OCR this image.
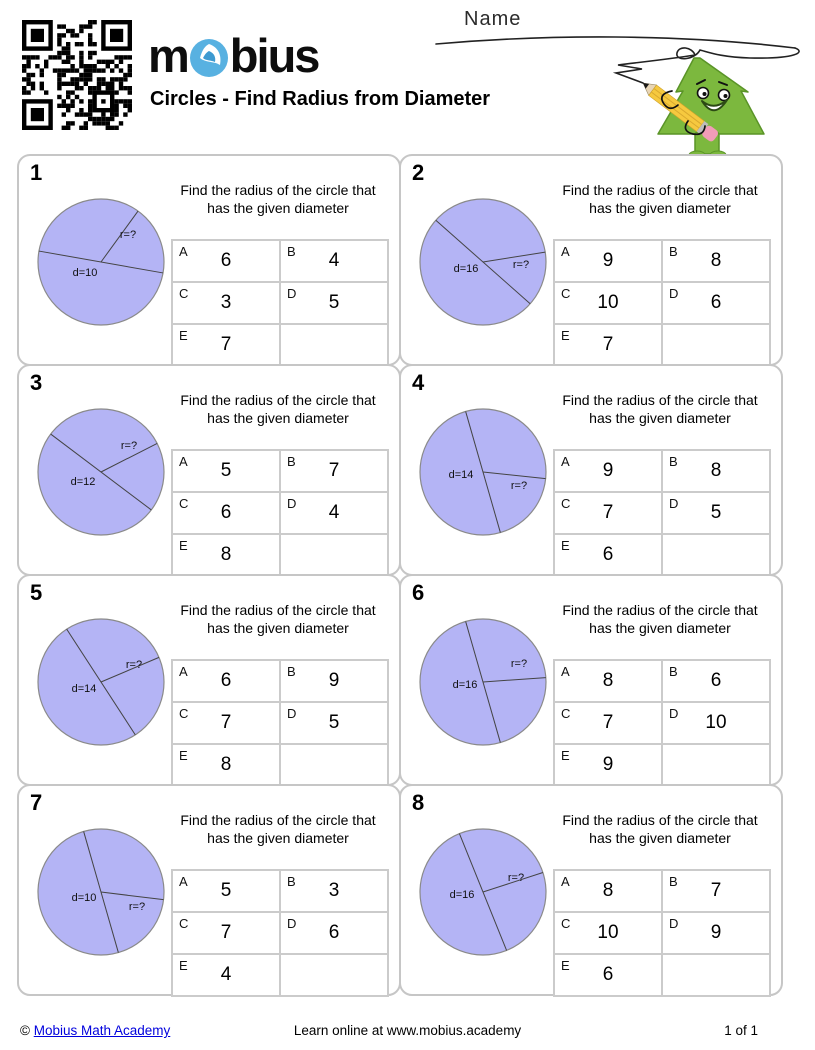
m bius
Circles - Find Radius from Diameter
Name
1
d=10
r=?
Find the radius of the circle that has the given diameter
A	6	B	4
C	3	D	5
E	7
2
d=16	r=?
Find the radius of the circle that has the given diameter
A	9	B	8
C	10	D	6
E	7
3
d=12
r=?
Find the radius of the circle that has the given diameter
A	5	B	7
C	6	D	4
E	8
4
d=14
r=?
Find the radius of the circle that has the given diameter
A	9	B	8
C	7	D	5
E	6
5
d=14
r=?
Find the radius of the circle that has the given diameter
A	6	B	9
C	7	D	5
E	8
6
d=16
r=?
Find the radius of the circle that has the given diameter
A	8	B	6
C	7	D	10
E	9
7
d=10
r=?
Find the radius of the circle that has the given diameter
A	5	B	3
C	7	D	6
E	4
8
d=16
r=?
Find the radius of the circle that has the given diameter
A	8	B	7
C	10	D	9
E	6
© Mobius Math Academy	Learn online at www.mobius.academy	1 of 1
